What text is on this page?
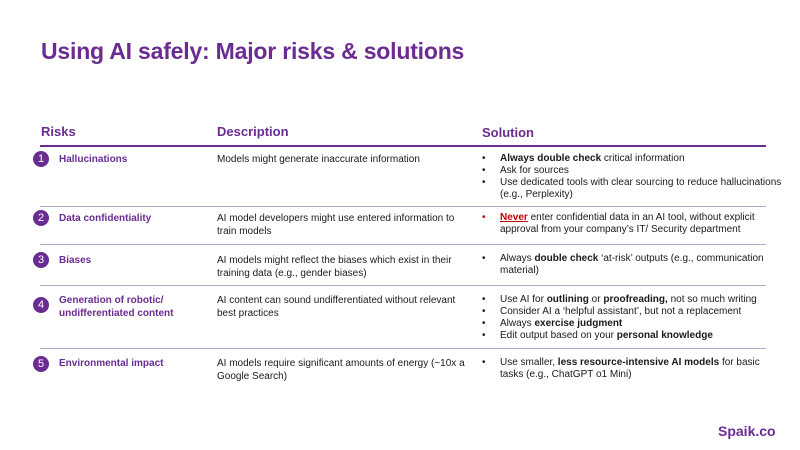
Using AI safely: Major risks & solutions
Risks	Description	Solution
1	Hallucinations	Models might generate inaccurate information
•	Always double check critical information
• Ask for sources
• Use dedicated tools with clear sourcing to reduce hallucinations (e.g., Perplexity)
2	Data confidentiality	AI model developers might use entered information to train models
• Never enter confidential data in an AI tool, without explicit approval from your company’s IT/ Security department
3	Biases	AI models might reflect the biases which exist in their training data (e.g., gender biases)
• Always double check ‘at-risk’ outputs (e.g., communication material)
4	Generation of robotic/ undifferentiated content
AI content can sound undifferentiated without relevant best practices
• Use AI for outlining or proofreading, not so much writing
• Consider AI a ‘helpful assistant’, but not a replacement
• Always exercise judgment
• Edit output based on your personal knowledge
5	Environmental impact	AI models require significant amounts of energy (~10x a Google Search)
• Use smaller, less resource-intensive AI models for basic tasks (e.g., ChatGPT o1 Mini)
Spaik.co
